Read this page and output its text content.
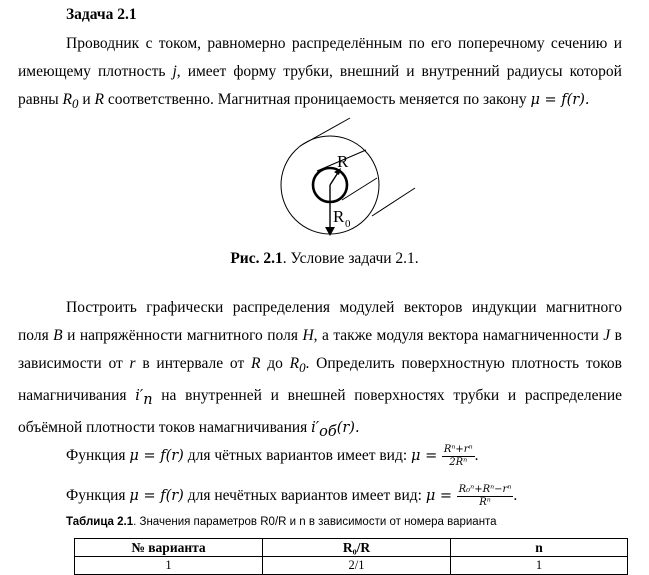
Задача 2.1
Проводник с током, равномерно распределённым по его поперечному сечению и имеющему плотность j, имеет форму трубки, внешний и внутренний радиусы которой равны $R_0$ и R соответственно. Магнитная проницаемость меняется по закону μ = f(r).
R
R 0
Рис. 2.1. Условие задачи 2.1.
Построить графически распределения модулей векторов индукции магнитного поля B и напряжённости магнитного поля H, а также модуля вектора намагниченности J в зависимости от r в интервале от R до $R_0$. Определить поверхностную плотность токов намагничивания $i'_п$ на внутренней и внешней поверхностях трубки и распределение объёмной плотности токов намагничивания $i'_{об}(r)$.
Функция μ = f(r) для чётных вариантов имеет вид: $\mu = \frac{\text{Rⁿ+rⁿ}}{\text{2Rⁿ}}$ .
Функция μ = f(r) для нечётных вариантов имеет вид: $\mu = \frac{\text{R₀ⁿ+Rⁿ−rⁿ}}{\text{Rⁿ}}$ .
Таблица 2.1. Значения параметров R0/R и n в зависимости от номера варианта
№ варианта	R₀/R	n
1	2/1	1
